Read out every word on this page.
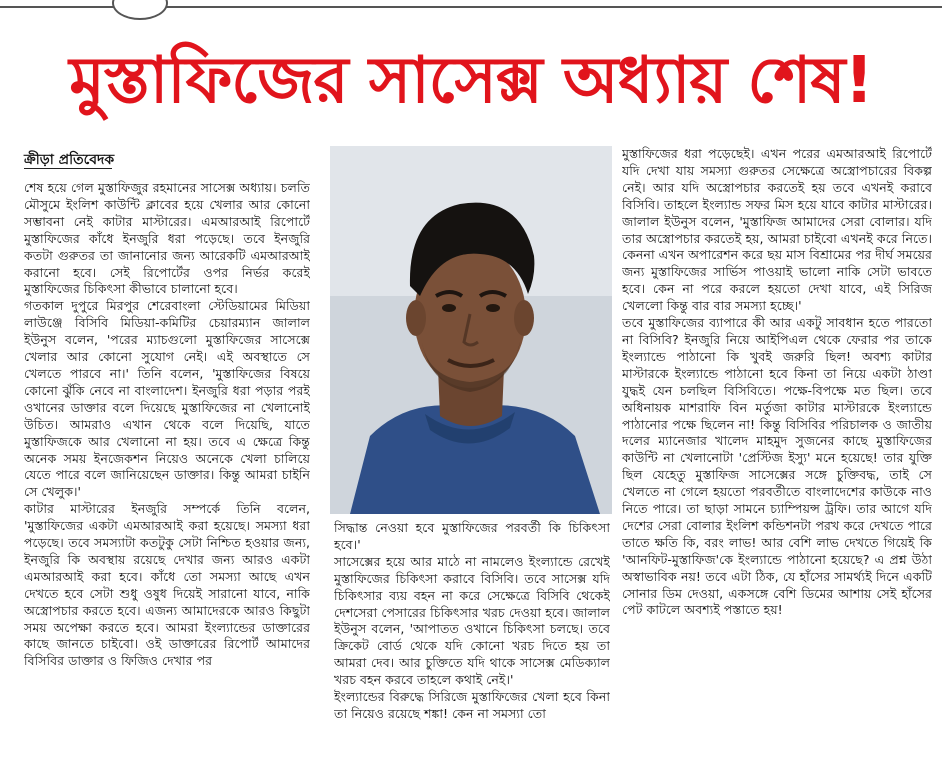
মুস্তাফিজের সাসেক্স অধ্যায় শেষ!
ক্রীড়া প্রতিবেদক

শেষ হয়ে গেল মুস্তাফিজুর রহমানের সাসেক্স অধ্যায়। চলতি মৌসুমে ইংলিশ কাউন্টি ক্লাবের হয়ে খেলার আর কোনো সম্ভাবনা নেই কাটার মাস্টারের। এমআরআই রিপোর্টে মুস্তাফিজের কাঁধে ইনজুরি ধরা পড়েছে। তবে ইনজুরি কতটা গুরুতর তা জানানোর জন্য আরেকটি এমআরআই করানো হবে। সেই রিপোর্টের ওপর নির্ভর করেই মুস্তাফিজের চিকিৎসা কীভাবে চালানো হবে।

গতকাল দুপুরে মিরপুর শেরেবাংলা স্টেডিয়ামের মিডিয়া লাউঞ্জে বিসিবি মিডিয়া-কমিটির চেয়ারম্যান জালাল ইউনুস বলেন, 'পরের ম্যাচগুলো মুস্তাফিজের সাসেক্সে খেলার আর কোনো সুযোগ নেই। এই অবস্থাতে সে খেলতে পারবে না।' তিনি বলেন, 'মুস্তাফিজের বিষয়ে কোনো ঝুঁকি নেবে না বাংলাদেশ। ইনজুরি ধরা পড়ার পরই ওখানের ডাক্তার বলে দিয়েছে মুস্তাফিজের না খেলানোই উচিত। আমরাও এখান থেকে বলে দিয়েছি, যাতে মুস্তাফিজকে আর খেলানো না হয়। তবে এ ক্ষেত্রে কিন্তু অনেক সময় ইনজেকশন নিয়েও অনেকে খেলা চালিয়ে যেতে পারে বলে জানিয়েছেন ডাক্তার। কিন্তু আমরা চাইনি সে খেলুক।'

কাটার মাস্টারের ইনজুরি সম্পর্কে তিনি বলেন, 'মুস্তাফিজের একটা এমআরআই করা হয়েছে। সমস্যা ধরা পড়েছে। তবে সমস্যাটা কতটুকু সেটা নিশ্চিত হওয়ার জন্য, ইনজুরি কি অবস্থায় রয়েছে দেখার জন্য আরও একটা এমআরআই করা হবে। কাঁধে তো সমস্যা আছে এখন দেখতে হবে সেটা শুধু ওষুধ দিয়েই সারানো যাবে, নাকি অস্ত্রোপচার করতে হবে। এজন্য আমাদেরকে আরও কিছুটা সময় অপেক্ষা করতে হবে। আমরা ইংল্যান্ডের ডাক্তারের কাছে জানতে চাইবো। ওই ডাক্তারের রিপোর্ট আমাদের বিসিবির ডাক্তার ও ফিজিও দেখার পর

সিদ্ধান্ত নেওয়া হবে মুস্তাফিজের পরবর্তী কি চিকিৎসা হবে।'

সাসেক্সের হয়ে আর মাঠে না নামলেও ইংল্যান্ডে রেখেই মুস্তাফিজের চিকিৎসা করাবে বিসিবি। তবে সাসেক্স যদি চিকিৎসার ব্যয় বহন না করে সেক্ষেত্রে বিসিবি থেকেই দেশসেরা পেসারের চিকিৎসার খরচ দেওয়া হবে। জালাল ইউনুস বলেন, 'আপাতত ওখানে চিকিৎসা চলছে। তবে ক্রিকেট বোর্ড থেকে যদি কোনো খরচ দিতে হয় তা আমরা দেব। আর চুক্তিতে যদি থাকে সাসেক্স মেডিক্যাল খরচ বহন করবে তাহলে কথাই নেই।'

ইংল্যান্ডের বিরুদ্ধে সিরিজে মুস্তাফিজের খেলা হবে কিনা তা নিয়েও রয়েছে শঙ্কা! কেন না সমস্যা তো

মুস্তাফিজের ধরা পড়েছেই। এখন পরের এমআরআই রিপোর্টে যদি দেখা যায় সমস্যা গুরুতর সেক্ষেত্রে অস্ত্রোপচারের বিকল্প নেই। আর যদি অস্ত্রোপচার করতেই হয় তবে এখনই করাবে বিসিবি। তাহলে ইংল্যান্ড সফর মিস হয়ে যাবে কাটার মাস্টারের। জালাল ইউনুস বলেন, 'মুস্তাফিজ আমাদের সেরা বোলার। যদি তার অস্ত্রোপচার করতেই হয়, আমরা চাইবো এখনই করে নিতে। কেননা এখন অপারেশন করে ছয় মাস বিশ্রামের পর দীর্ঘ সময়ের জন্য মুস্তাফিজের সার্ভিস পাওয়াই ভালো নাকি সেটা ভাবতে হবে। কেন না পরে করলে হয়তো দেখা যাবে, এই সিরিজ খেললো কিন্তু বার বার সমস্যা হচ্ছে।'

তবে মুস্তাফিজের ব্যাপারে কী আর একটু সাবধান হতে পারতো না বিসিবি? ইনজুরি নিয়ে আইপিএল থেকে ফেরার পর তাকে ইংল্যান্ডে পাঠানো কি খুবই জরুরি ছিল! অবশ্য কাটার মাস্টারকে ইংল্যান্ডে পাঠানো হবে কিনা তা নিয়ে একটা ঠাণ্ডা যুদ্ধই যেন চলছিল বিসিবিতে। পক্ষে-বিপক্ষে মত ছিল। তবে অধিনায়ক মাশরাফি বিন মর্তুজা কাটার মাস্টারকে ইংল্যান্ডে পাঠানোর পক্ষে ছিলেন না! কিন্তু বিসিবির পরিচালক ও জাতীয় দলের ম্যানেজার খালেদ মাহমুদ সুজনের কাছে মুস্তাফিজের কাউন্টি না খেলানোটা 'প্রেস্টিজ ইস্যু' মনে হয়েছে! তার যুক্তি ছিল যেহেতু মুস্তাফিজ সাসেক্সের সঙ্গে চুক্তিবদ্ধ, তাই সে খেলতে না গেলে হয়তো পরবর্তীতে বাংলাদেশের কাউকে নাও নিতে পারে। তা ছাড়া সামনে চ্যাম্পিয়ন্স ট্রফি। তার আগে যদি দেশের সেরা বোলার ইংলিশ কন্ডিশনটা পরখ করে দেখতে পারে তাতে ক্ষতি কি, বরং লাভ! আর বেশি লাভ দেখতে গিয়েই কি 'আনফিট-মুস্তাফিজ'কে ইংল্যান্ডে পাঠানো হয়েছে? এ প্রশ্ন উঠা অস্বাভাবিক নয়! তবে এটা ঠিক, যে হাঁসের সামর্থ্যই দিনে একটি সোনার ডিম দেওয়া, একসঙ্গে বেশি ডিমের আশায় সেই হাঁসের পেট কাটলে অবশ্যই পস্তাতে হয়!
